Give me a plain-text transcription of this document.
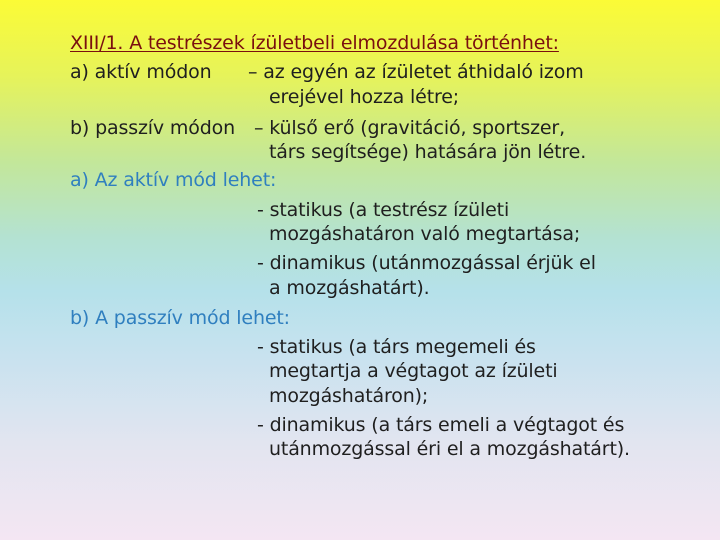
XIII/1. A testrészek ízületbeli elmozdulása történhet:
a) aktív módon – az egyén az ízületet áthidaló izom
erejével hozza létre;
b) passzív módon – külső erő (gravitáció, sportszer,
társ segítsége) hatására jön létre.
a) Az aktív mód lehet:
- statikus (a testrész ízületi
mozgáshatáron való megtartása;
- dinamikus (utánmozgással érjük el
a mozgáshatárt).
b) A passzív mód lehet:
- statikus (a társ megemeli és
megtartja a végtagot az ízületi
mozgáshatáron);
- dinamikus (a társ emeli a végtagot és
utánmozgással éri el a mozgáshatárt).
